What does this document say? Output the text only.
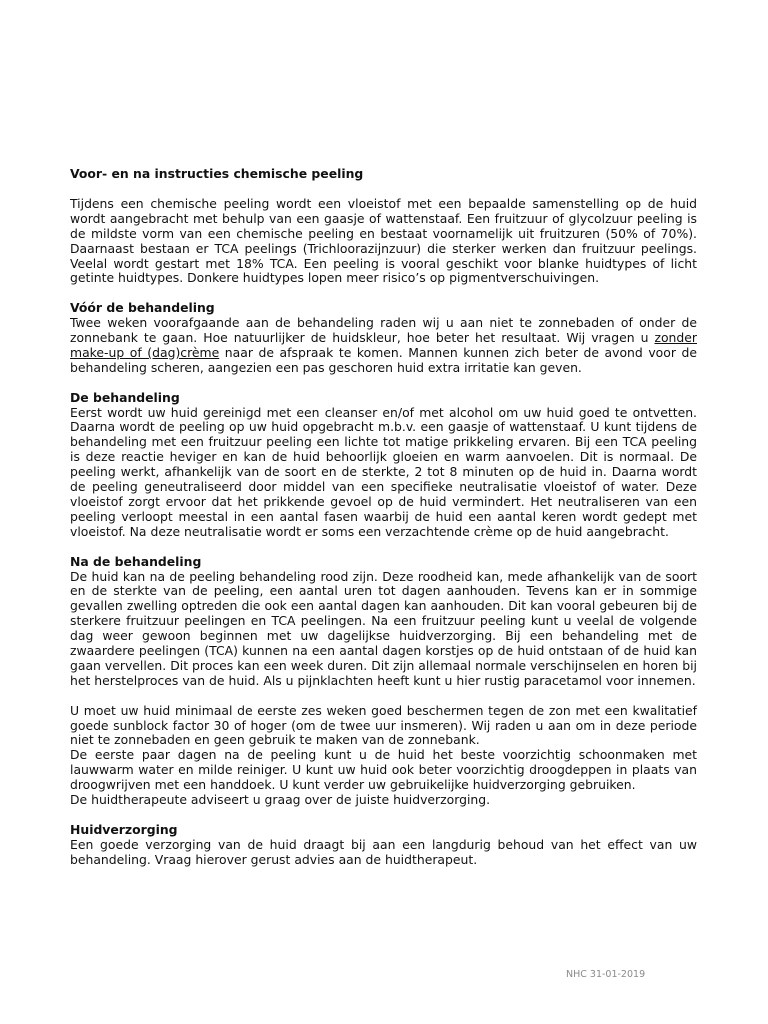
Voor- en na instructies chemische peeling

Tijdens een chemische peeling wordt een vloeistof met een bepaalde samenstelling op de huid wordt aangebracht met behulp van een gaasje of wattenstaaf. Een fruitzuur of glycolzuur peeling is de mildste vorm van een chemische peeling en bestaat voornamelijk uit fruitzuren (50% of 70%). Daarnaast bestaan er TCA peelings (Trichloorazijnzuur) die sterker werken dan fruitzuur peelings. Veelal wordt gestart met 18% TCA. Een peeling is vooral geschikt voor blanke huidtypes of licht getinte huidtypes. Donkere huidtypes lopen meer risico’s op pigmentverschuivingen.

Vóór de behandeling

Twee weken voorafgaande aan de behandeling raden wij u aan niet te zonnebaden of onder de zonnebank te gaan. Hoe natuurlijker de huidskleur, hoe beter het resultaat. Wij vragen u zonder make-up of (dag)crème naar de afspraak te komen. Mannen kunnen zich beter de avond voor de behandeling scheren, aangezien een pas geschoren huid extra irritatie kan geven.

De behandeling

Eerst wordt uw huid gereinigd met een cleanser en/of met alcohol om uw huid goed te ontvetten. Daarna wordt de peeling op uw huid opgebracht m.b.v. een gaasje of wattenstaaf. U kunt tijdens de behandeling met een fruitzuur peeling een lichte tot matige prikkeling ervaren. Bij een TCA peeling is deze reactie heviger en kan de huid behoorlijk gloeien en warm aanvoelen. Dit is normaal. De peeling werkt, afhankelijk van de soort en de sterkte, 2 tot 8 minuten op de huid in. Daarna wordt de peeling geneutraliseerd door middel van een specifieke neutralisatie vloeistof of water. Deze vloeistof zorgt ervoor dat het prikkende gevoel op de huid vermindert. Het neutraliseren van een peeling verloopt meestal in een aantal fasen waarbij de huid een aantal keren wordt gedept met vloeistof. Na deze neutralisatie wordt er soms een verzachtende crème op de huid aangebracht.

Na de behandeling

De huid kan na de peeling behandeling rood zijn. Deze roodheid kan, mede afhankelijk van de soort en de sterkte van de peeling, een aantal uren tot dagen aanhouden. Tevens kan er in sommige gevallen zwelling optreden die ook een aantal dagen kan aanhouden. Dit kan vooral gebeuren bij de sterkere fruitzuur peelingen en TCA peelingen. Na een fruitzuur peeling kunt u veelal de volgende dag weer gewoon beginnen met uw dagelijkse huidverzorging. Bij een behandeling met de zwaardere peelingen (TCA) kunnen na een aantal dagen korstjes op de huid ontstaan of de huid kan gaan vervellen. Dit proces kan een week duren. Dit zijn allemaal normale verschijnselen en horen bij het herstelproces van de huid. Als u pijnklachten heeft kunt u hier rustig paracetamol voor innemen.

U moet uw huid minimaal de eerste zes weken goed beschermen tegen de zon met een kwalitatief goede sunblock factor 30 of hoger (om de twee uur insmeren). Wij raden u aan om in deze periode niet te zonnebaden en geen gebruik te maken van de zonnebank.

De eerste paar dagen na de peeling kunt u de huid het beste voorzichtig schoonmaken met lauwwarm water en milde reiniger. U kunt uw huid ook beter voorzichtig droogdeppen in plaats van droogwrijven met een handdoek. U kunt verder uw gebruikelijke huidverzorging gebruiken.

De huidtherapeute adviseert u graag over de juiste huidverzorging.

Huidverzorging

Een goede verzorging van de huid draagt bij aan een langdurig behoud van het effect van uw behandeling. Vraag hierover gerust advies aan de huidtherapeut.

NHC 31-01-2019
